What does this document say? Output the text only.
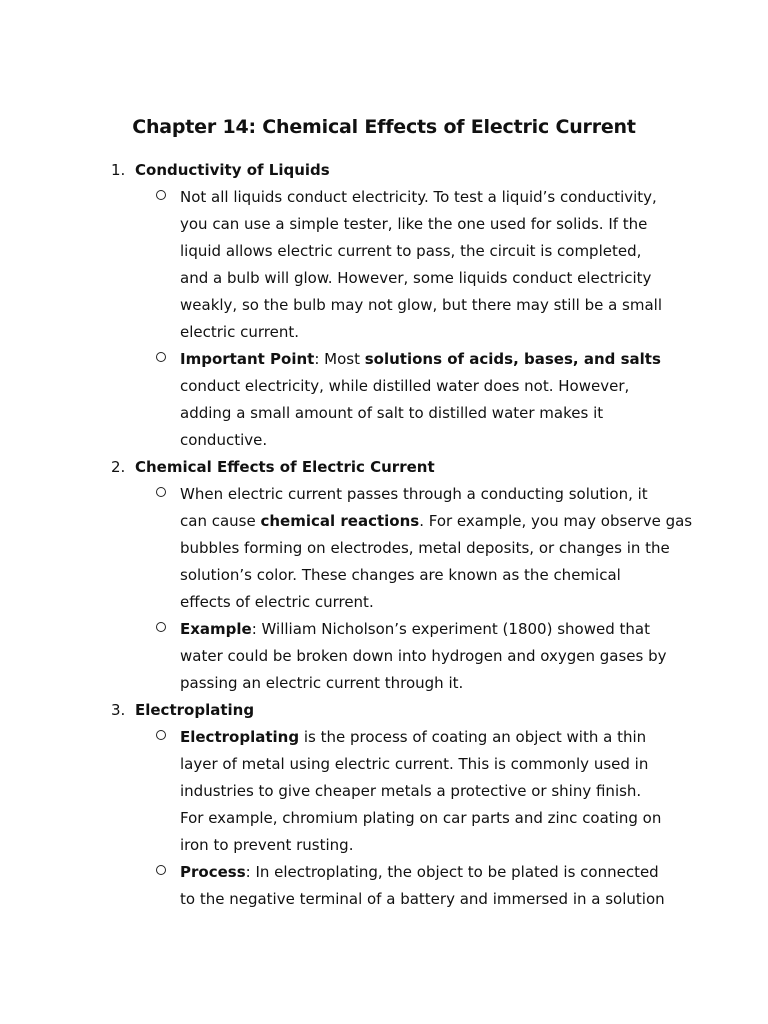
Chapter 14: Chemical Effects of Electric Current
1. Conductivity of Liquids
Not all liquids conduct electricity. To test a liquid’s conductivity,
you can use a simple tester, like the one used for solids. If the
liquid allows electric current to pass, the circuit is completed,
and a bulb will glow. However, some liquids conduct electricity
weakly, so the bulb may not glow, but there may still be a small
electric current.
Important Point: Most solutions of acids, bases, and salts
conduct electricity, while distilled water does not. However,
adding a small amount of salt to distilled water makes it
conductive.
2. Chemical Effects of Electric Current
When electric current passes through a conducting solution, it
can cause chemical reactions. For example, you may observe gas
bubbles forming on electrodes, metal deposits, or changes in the
solution’s color. These changes are known as the chemical
effects of electric current.
Example: William Nicholson’s experiment (1800) showed that
water could be broken down into hydrogen and oxygen gases by
passing an electric current through it.
3. Electroplating
Electroplating is the process of coating an object with a thin
layer of metal using electric current. This is commonly used in
industries to give cheaper metals a protective or shiny finish.
For example, chromium plating on car parts and zinc coating on
iron to prevent rusting.
Process: In electroplating, the object to be plated is connected
to the negative terminal of a battery and immersed in a solution
